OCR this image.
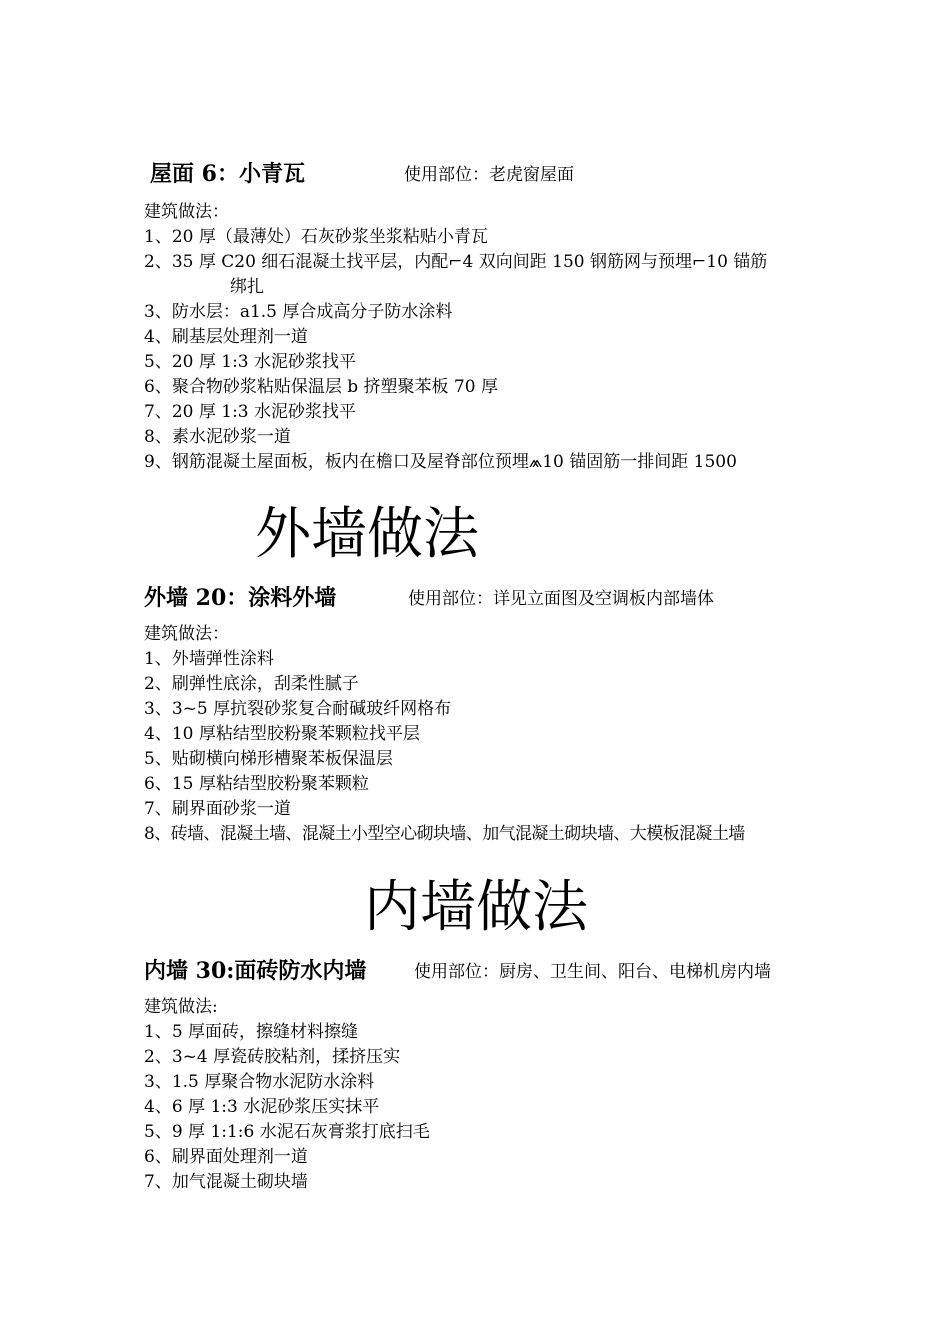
屋面 6：小青瓦	使用部位：老虎窗屋面
建筑做法：
1、20 厚（最薄处）石灰砂浆坐浆粘贴小青瓦
2、35 厚 C20 细石混凝土找平层，内配⌐4 双向间距 150 钢筋网与预埋⌐10 锚筋
绑扎
3、防水层：a1.5 厚合成高分子防水涂料
4、刷基层处理剂一道
5、20 厚 1:3 水泥砂浆找平
6、聚合物砂浆粘贴保温层 b 挤塑聚苯板 70 厚
7、20 厚 1:3 水泥砂浆找平
8、素水泥砂浆一道
9、钢筋混凝土屋面板，板内在檐口及屋脊部位预埋⩕10 锚固筋一排间距 1500
外墙做法
外墙 20：涂料外墙	使用部位：详见立面图及空调板内部墙体
建筑做法：
1、外墙弹性涂料
2、刷弹性底涂，刮柔性腻子
3、3~5 厚抗裂砂浆复合耐碱玻纤网格布
4、10 厚粘结型胶粉聚苯颗粒找平层
5、贴砌横向梯形槽聚苯板保温层
6、15 厚粘结型胶粉聚苯颗粒
7、刷界面砂浆一道
8、砖墙、混凝土墙、混凝土小型空心砌块墙、加气混凝土砌块墙、大模板混凝土墙
内墙做法
内墙 30:面砖防水内墙	使用部位：厨房、卫生间、阳台、电梯机房内墙
建筑做法:
1、5 厚面砖，擦缝材料擦缝
2、3~4 厚瓷砖胶粘剂，揉挤压实
3、1.5 厚聚合物水泥防水涂料
4、6 厚 1:3 水泥砂浆压实抹平
5、9 厚 1:1:6 水泥石灰膏浆打底扫毛
6、刷界面处理剂一道
7、加气混凝土砌块墙
